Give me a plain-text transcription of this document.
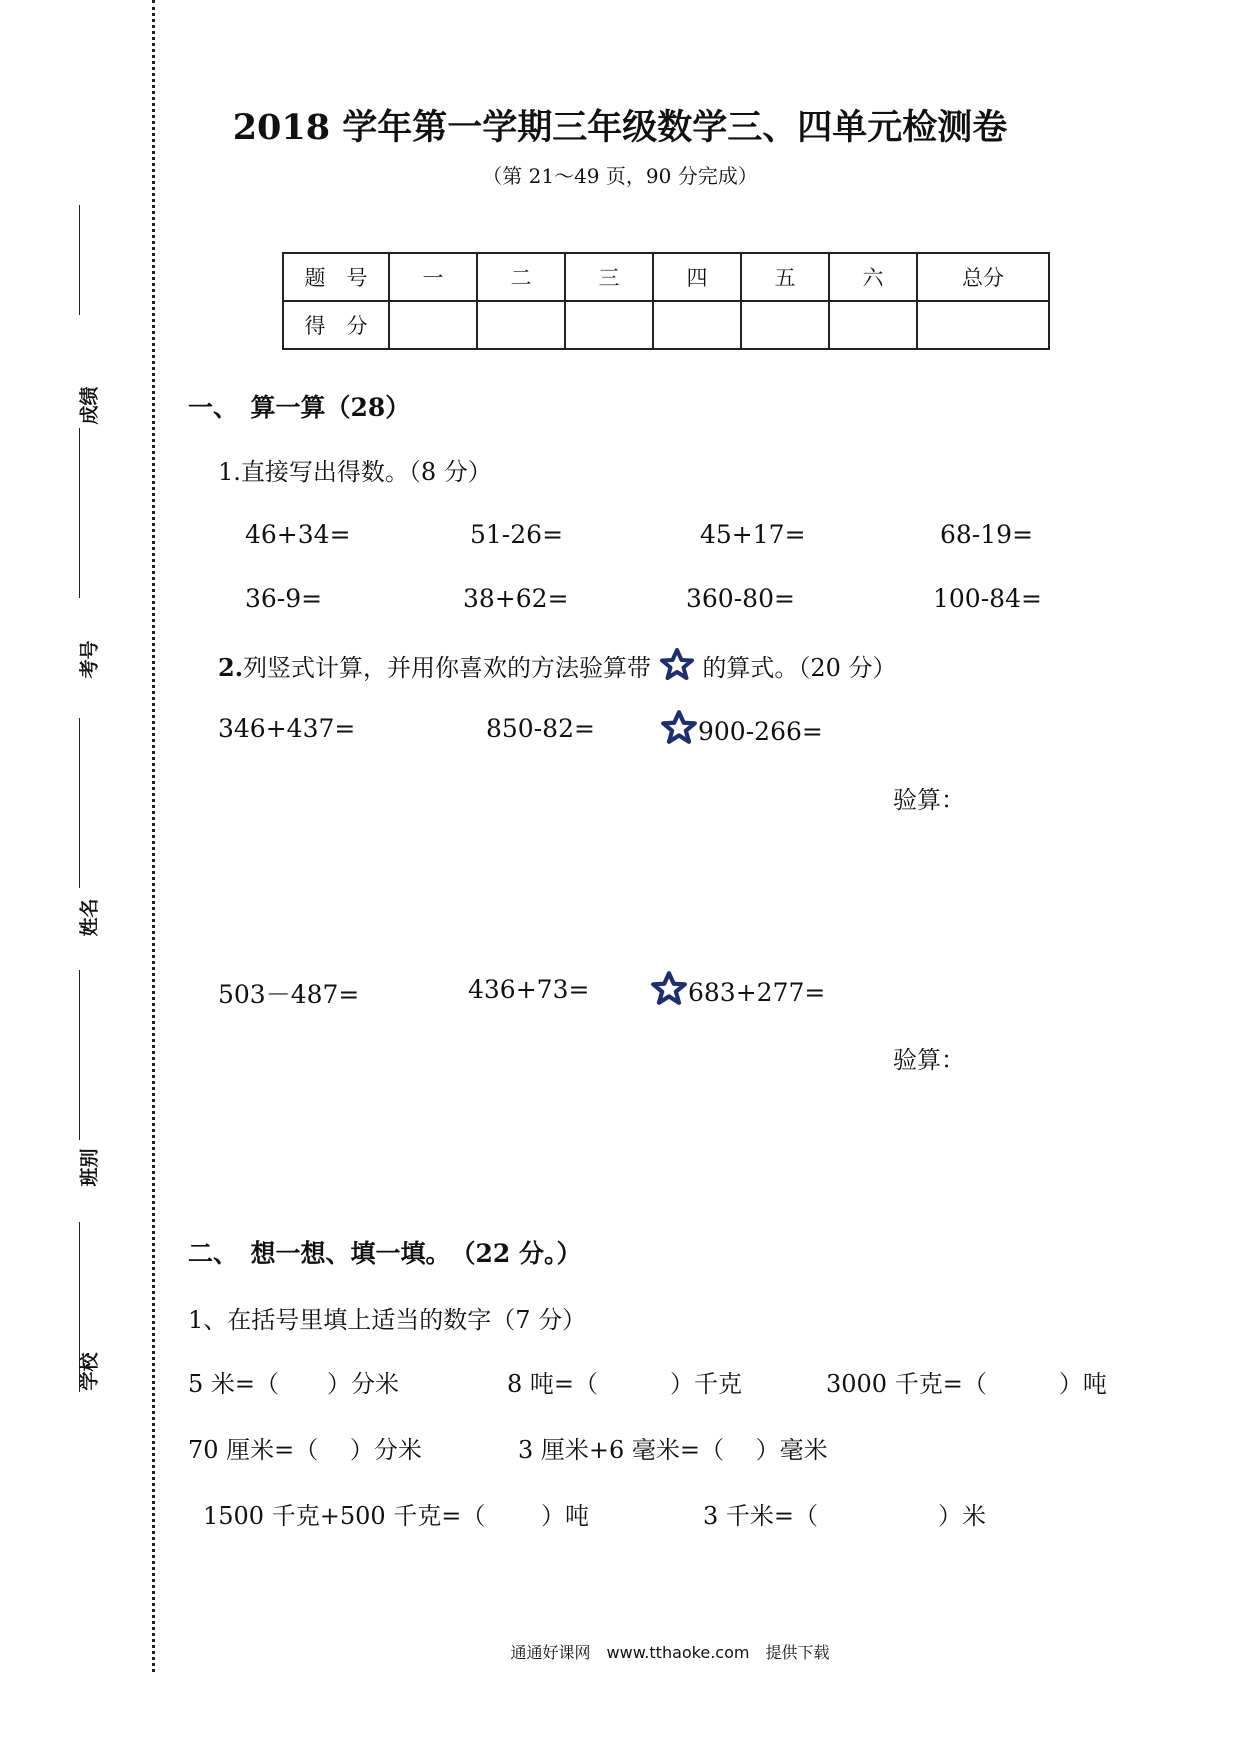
成绩
考号
姓名
班别
学校
2018 学年第一学期三年级数学三、四单元检测卷
（第 21～49 页，90 分完成）
题　号	一	二	三	四	五	六	总分
得　分							
一、　算一算（28）
1.直接写出得数。（8 分）
46+34=	51-26=	45+17=	68-19=
36-9=	38+62=	360-80=	100-84=
2.列竖式计算，并用你喜欢的方法验算带 的算式。（20 分）
346+437=	850-82=	900-266=
验算：
503－487=	436+73=	683+277=
验算：
二、　想一想、填一填。　（22 分。）
1、在括号里填上适当的数字（7 分）
5 米=（　　）分米	8 吨=（　　　）千克	3000 千克=（　　　）吨
70 厘米=（　 ）分米	3 厘米+6 毫米=（　 ）毫米
1500 千克+500 千克=（　　 ）吨	3 千米=（　　　　　）米
通通好课网　www.tthaoke.com　提供下载
